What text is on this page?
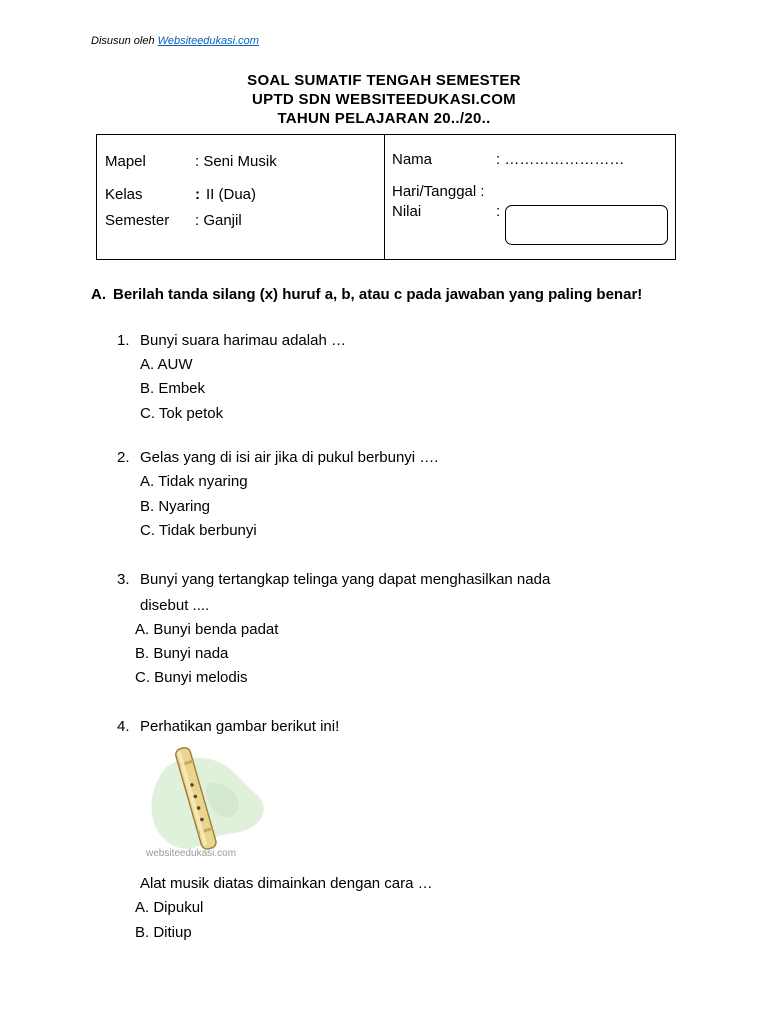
Disusun oleh Websiteedukasi.com
SOAL SUMATIF TENGAH SEMESTER
UPTD SDN WEBSITEEDUKASI.COM
TAHUN PELAJARAN 20../20..
Mapel	: Seni Musik
Kelas	: II (Dua)
Semester : Ganjil
Nama	: ……………………
Hari/Tanggal :
Nilai	:
A. Berilah tanda silang (x) huruf a, b, atau c pada jawaban yang paling benar!
1. Bunyi suara harimau adalah …
A. AUW
B. Embek
C. Tok petok
2. Gelas yang di isi air jika di pukul berbunyi ….
A. Tidak nyaring
B. Nyaring
C. Tidak berbunyi
3. Bunyi yang tertangkap telinga yang dapat menghasilkan nada
disebut ....
A. Bunyi benda padat
B. Bunyi nada
C. Bunyi melodis
4. Perhatikan gambar berikut ini!
websiteedukasi.com
Alat musik diatas dimainkan dengan cara …
A. Dipukul
B. Ditiup
